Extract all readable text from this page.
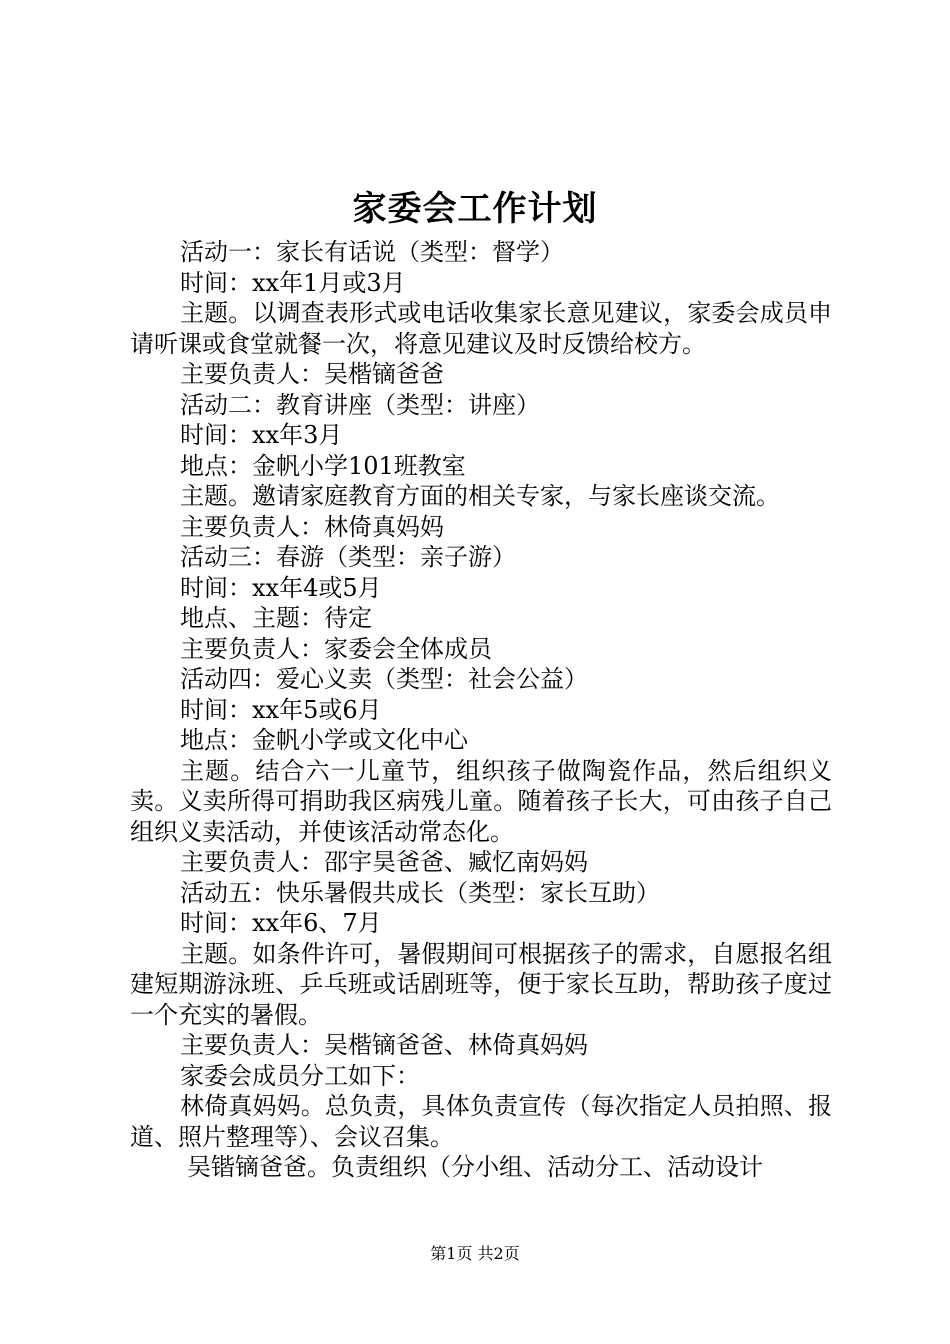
家委会工作计划

活动一：家长有话说（类型：督学）

时间：xx年1月或3月

主题。以调查表形式或电话收集家长意见建议，家委会成员申请听课或食堂就餐一次，将意见建议及时反馈给校方。

主要负责人：吴楷镝爸爸

活动二：教育讲座（类型：讲座）

时间：xx年3月

地点：金帆小学101班教室

主题。邀请家庭教育方面的相关专家，与家长座谈交流。

主要负责人：林倚真妈妈

活动三：春游（类型：亲子游）

时间：xx年4或5月

地点、主题：待定

主要负责人：家委会全体成员

活动四：爱心义卖（类型：社会公益）

时间：xx年5或6月

地点：金帆小学或文化中心

主题。结合六一儿童节，组织孩子做陶瓷作品，然后组织义卖。义卖所得可捐助我区病残儿童。随着孩子长大，可由孩子自己组织义卖活动，并使该活动常态化。

主要负责人：邵宇昊爸爸、臧忆南妈妈

活动五：快乐暑假共成长（类型：家长互助）

时间：xx年6、7月

主题。如条件许可，暑假期间可根据孩子的需求，自愿报名组建短期游泳班、乒乓班或话剧班等，便于家长互助，帮助孩子度过一个充实的暑假。

主要负责人：吴楷镝爸爸、林倚真妈妈

家委会成员分工如下：

林倚真妈妈。总负责，具体负责宣传（每次指定人员拍照、报道、照片整理等）、会议召集。

吴锴镝爸爸。负责组织（分小组、活动分工、活动设计

第1页 共2页
